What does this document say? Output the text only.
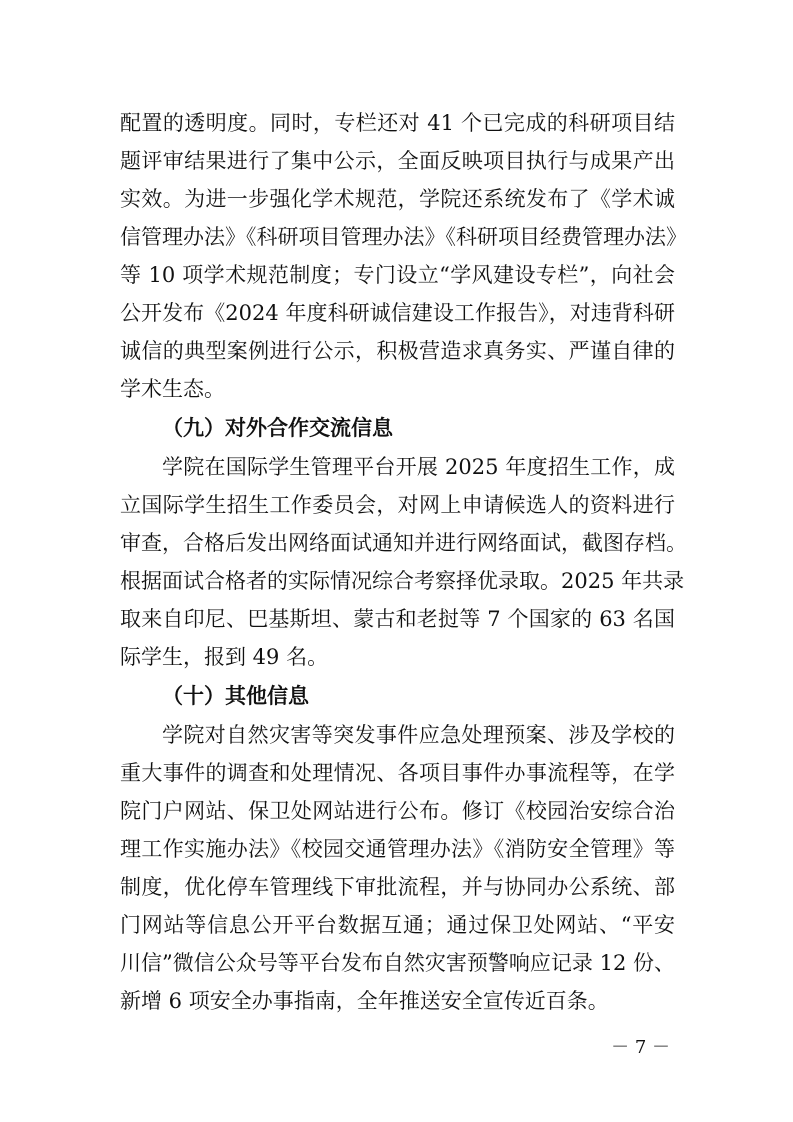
配置的透明度。同时，专栏还对 41 个已完成的科研项目结
题评审结果进行了集中公示，全面反映项目执行与成果产出
实效。为进一步强化学术规范，学院还系统发布了《学术诚
信管理办法》《科研项目管理办法》《科研项目经费管理办法》
等 10 项学术规范制度；专门设立“学风建设专栏”，向社会
公开发布《2024 年度科研诚信建设工作报告》，对违背科研
诚信的典型案例进行公示，积极营造求真务实、严谨自律的
学术生态。
（九）对外合作交流信息
学院在国际学生管理平台开展 2025 年度招生工作，成
立国际学生招生工作委员会，对网上申请候选人的资料进行
审查，合格后发出网络面试通知并进行网络面试，截图存档。
根据面试合格者的实际情况综合考察择优录取。2025 年共录
取来自印尼、巴基斯坦、蒙古和老挝等 7 个国家的 63 名国
际学生，报到 49 名。
（十）其他信息
学院对自然灾害等突发事件应急处理预案、涉及学校的
重大事件的调查和处理情况、各项目事件办事流程等，在学
院门户网站、保卫处网站进行公布。修订《校园治安综合治
理工作实施办法》《校园交通管理办法》《消防安全管理》等
制度，优化停车管理线下审批流程，并与协同办公系统、部
门网站等信息公开平台数据互通；通过保卫处网站、“平安
川信”微信公众号等平台发布自然灾害预警响应记录 12 份、
新增 6 项安全办事指南，全年推送安全宣传近百条。
－ 7 －
